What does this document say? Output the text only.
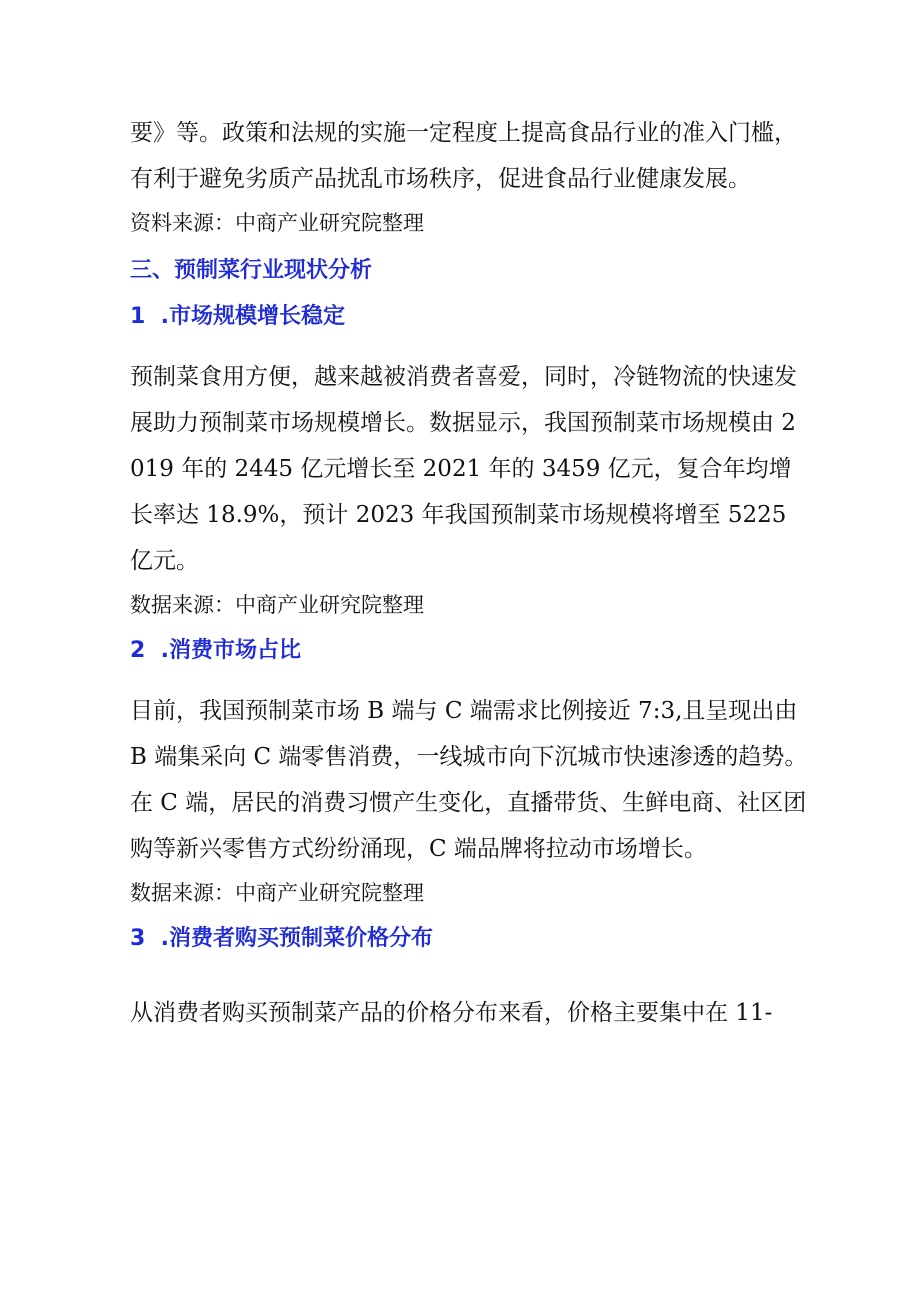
要》等。政策和法规的实施一定程度上提高食品行业的准入门槛，有利于避免劣质产品扰乱市场秩序，促进食品行业健康发展。

资料来源：中商产业研究院整理

三、预制菜行业现状分析

1  .市场规模增长稳定

预制菜食用方便，越来越被消费者喜爱，同时，冷链物流的快速发展助力预制菜市场规模增长。数据显示，我国预制菜市场规模由 2019 年的 2445 亿元增长至 2021 年的 3459 亿元，复合年均增长率达 18.9%，预计 2023 年我国预制菜市场规模将增至 5225 亿元。

数据来源：中商产业研究院整理

2  .消费市场占比

目前，我国预制菜市场 B 端与 C 端需求比例接近 7:3,且呈现出由 B 端集采向 C 端零售消费，一线城市向下沉城市快速渗透的趋势。在 C 端，居民的消费习惯产生变化，直播带货、生鲜电商、社区团购等新兴零售方式纷纷涌现，C 端品牌将拉动市场增长。

数据来源：中商产业研究院整理

3  .消费者购买预制菜价格分布

从消费者购买预制菜产品的价格分布来看，价格主要集中在 11-
